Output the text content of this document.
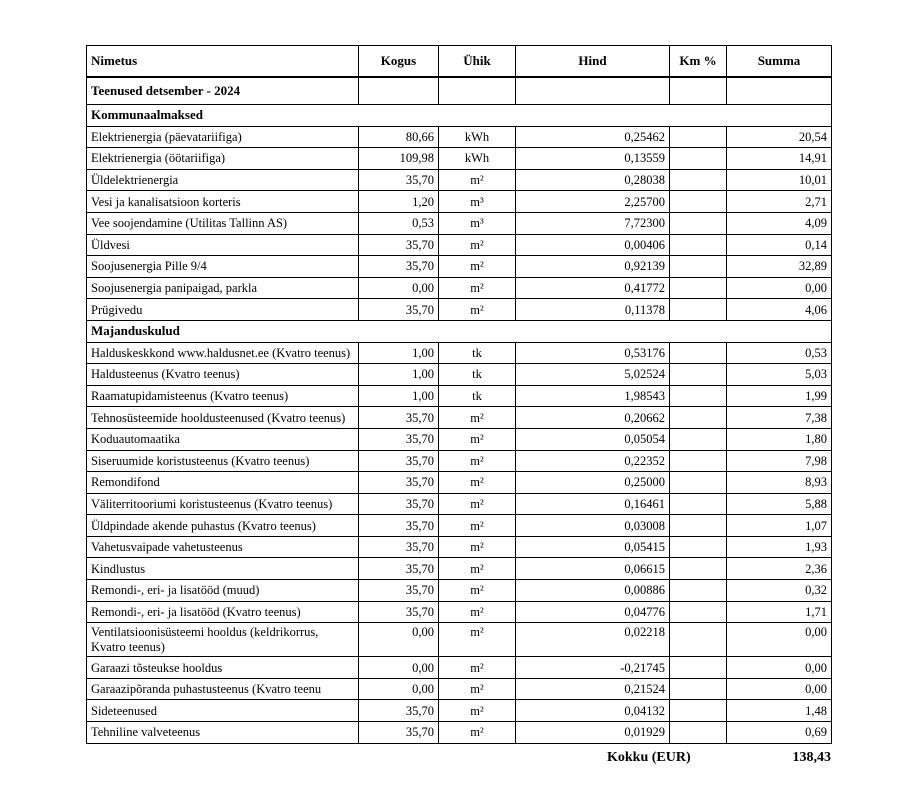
Nimetus	Kogus	Ühik	Hind	Km %	Summa
Teenused detsember - 2024					
Kommunaalmaksed					
Elektrienergia (päevatariifiga)	80,66	kWh	0,25462		20,54
Elektrienergia (öötariifiga)	109,98	kWh	0,13559		14,91
Üldelektrienergia	35,70	m²	0,28038		10,01
Vesi ja kanalisatsioon korteris	1,20	m³	2,25700		2,71
Vee soojendamine (Utilitas Tallinn AS)	0,53	m³	7,72300		4,09
Üldvesi	35,70	m²	0,00406		0,14
Soojusenergia Pille 9/4	35,70	m²	0,92139		32,89
Soojusenergia panipaigad, parkla	0,00	m²	0,41772		0,00
Prügivedu	35,70	m²	0,11378		4,06
Majanduskulud					
Halduskeskkond www.haldusnet.ee (Kvatro teenus)	1,00	tk	0,53176		0,53
Haldusteenus (Kvatro teenus)	1,00	tk	5,02524		5,03
Raamatupidamisteenus (Kvatro teenus)	1,00	tk	1,98543		1,99
Tehnosüsteemide hooldusteenused (Kvatro teenus)	35,70	m²	0,20662		7,38
Koduautomaatika	35,70	m²	0,05054		1,80
Siseruumide koristusteenus (Kvatro teenus)	35,70	m²	0,22352		7,98
Remondifond	35,70	m²	0,25000		8,93
Väliterritooriumi koristusteenus (Kvatro teenus)	35,70	m²	0,16461		5,88
Üldpindade akende puhastus (Kvatro teenus)	35,70	m²	0,03008		1,07
Vahetusvaipade vahetusteenus	35,70	m²	0,05415		1,93
Kindlustus	35,70	m²	0,06615		2,36
Remondi-, eri- ja lisatööd (muud)	35,70	m²	0,00886		0,32
Remondi-, eri- ja lisatööd (Kvatro teenus)	35,70	m²	0,04776		1,71
Ventilatsioonisüsteemi hooldus (keldrikorrus, Kvatro teenus)	0,00	m²	0,02218		0,00
Garaazi tõsteukse hooldus	0,00	m²	-0,21745		0,00
Garaazipõranda puhastusteenus (Kvatro teenu	0,00	m²	0,21524		0,00
Sideteenused	35,70	m²	0,04132		1,48
Tehniline valveteenus	35,70	m²	0,01929		0,69
Kokku (EUR)	138,43
